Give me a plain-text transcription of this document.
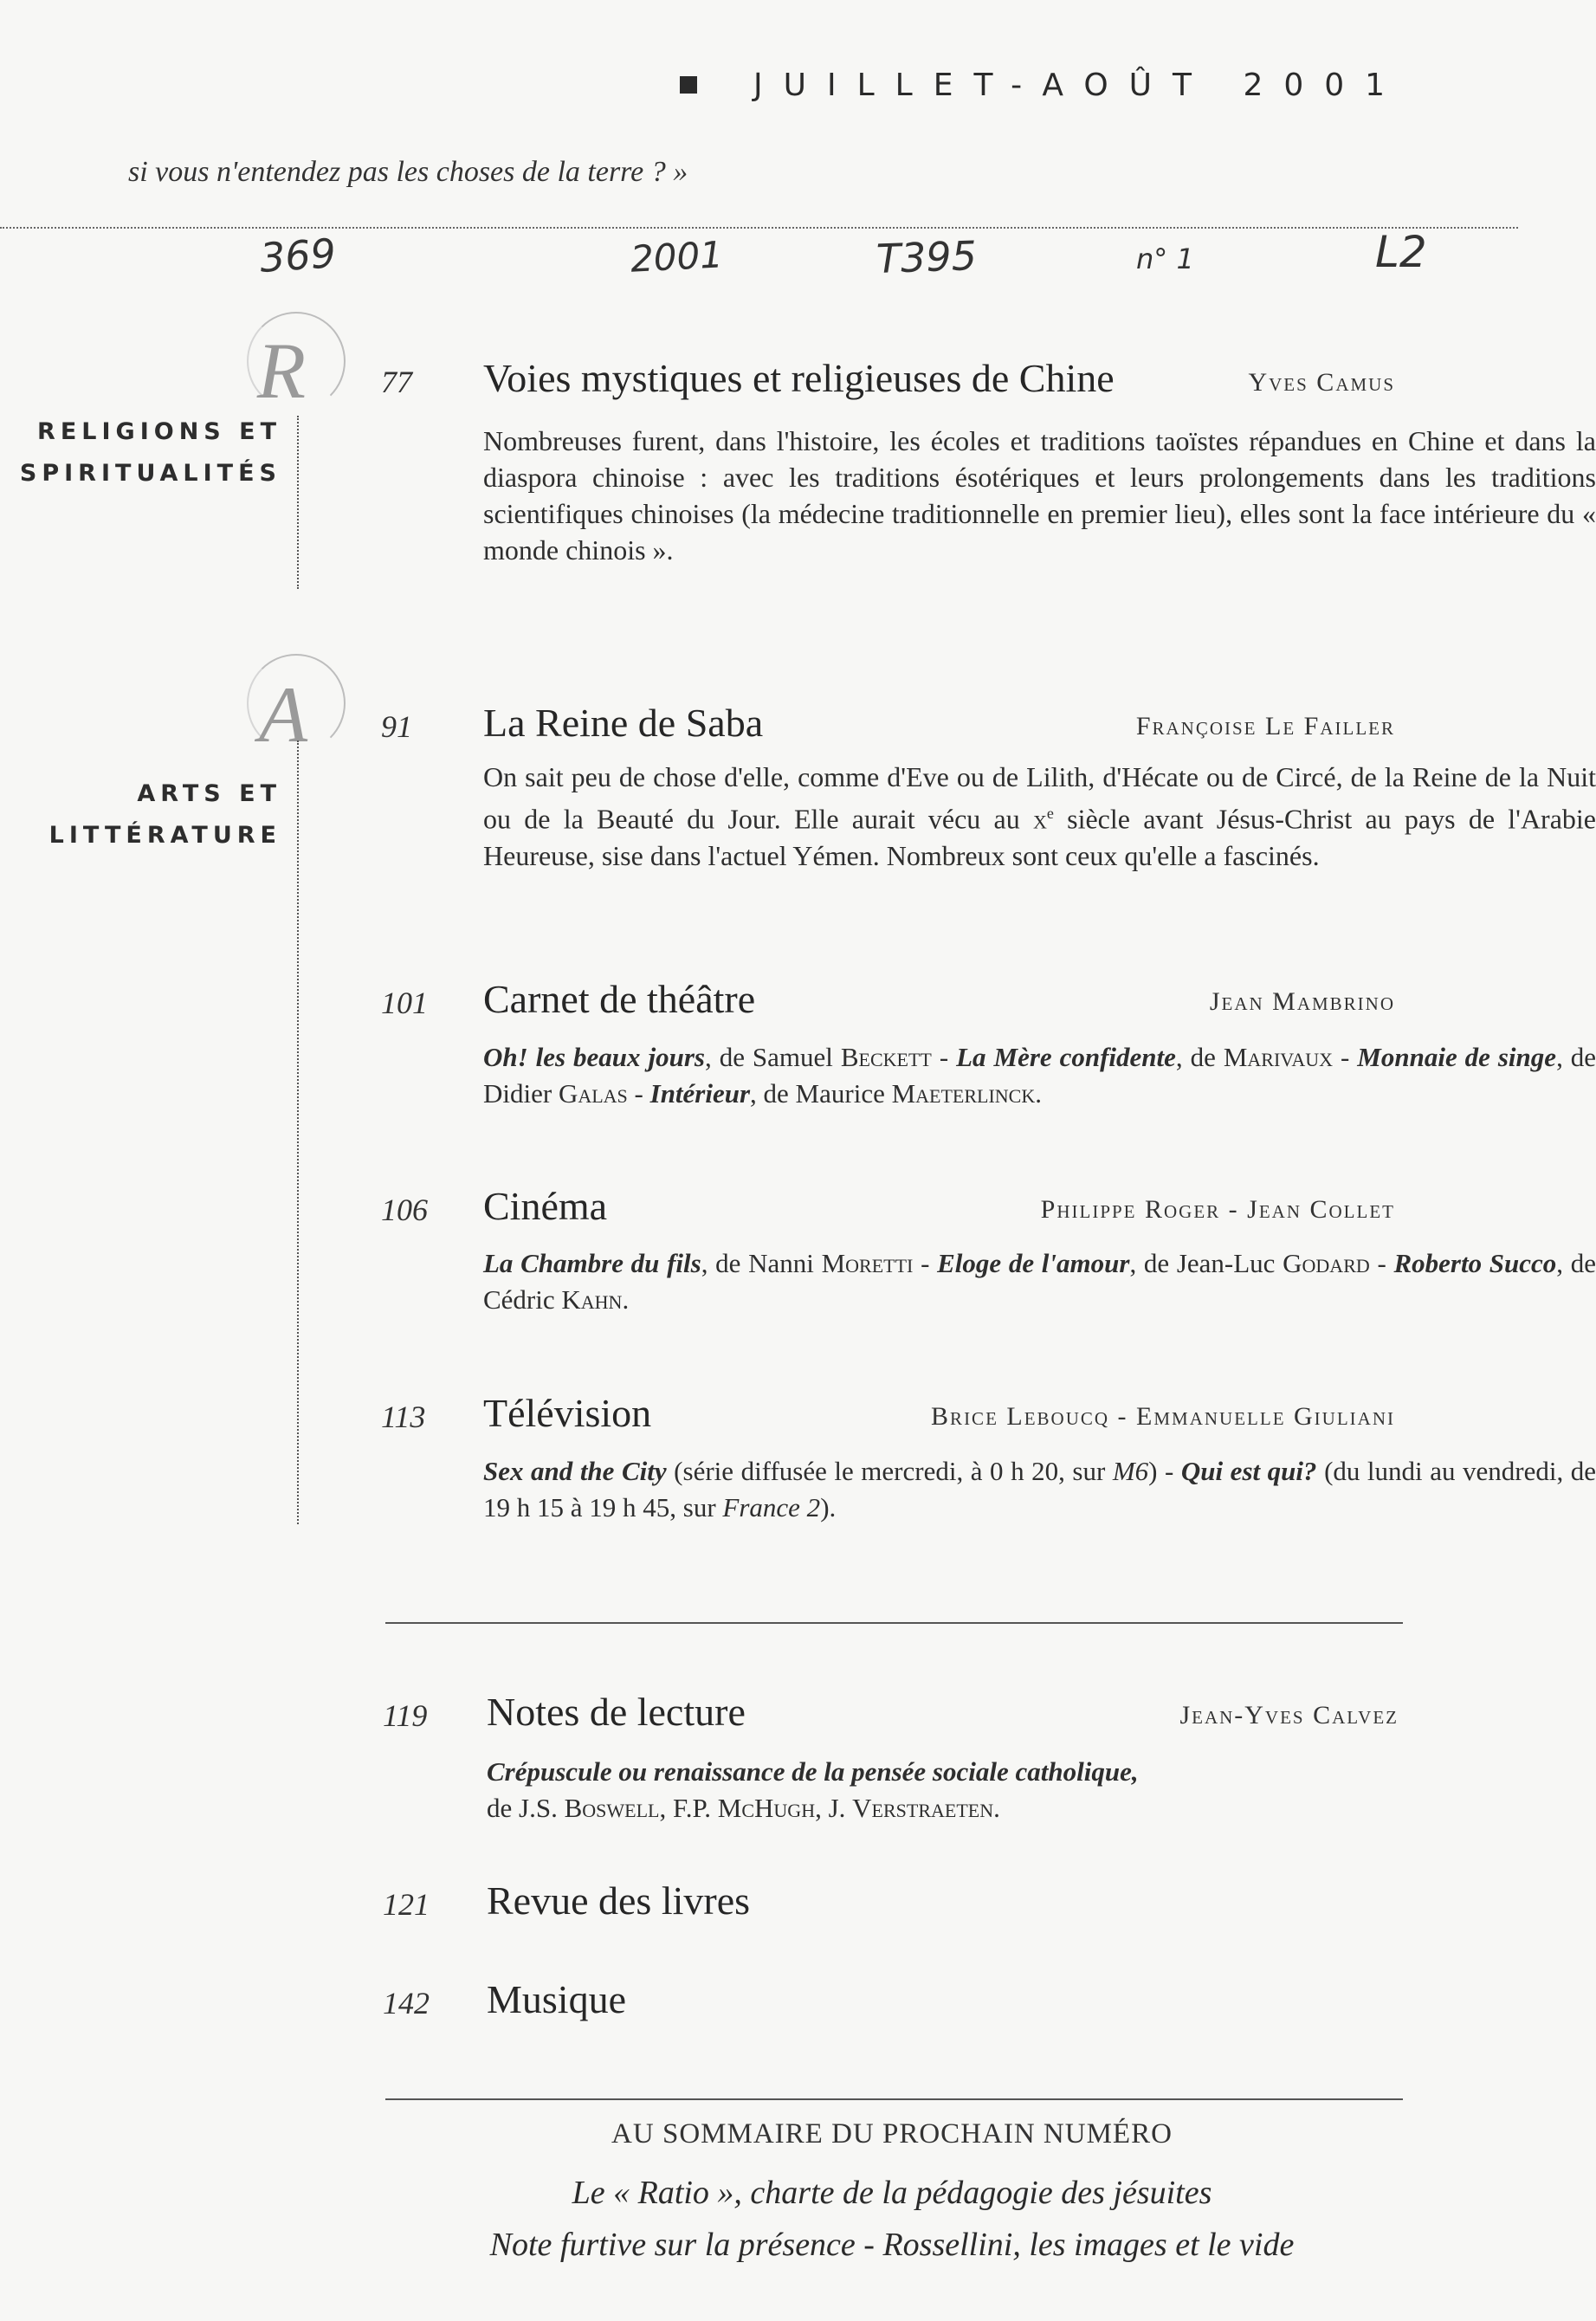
JUILLET-AOÛT 2001
si vous n'entendez pas les choses de la terre ? »
369	2001	T395	n° 1	L2
R
RELIGIONS ET
SPIRITUALITÉS
A
ARTS ET
LITTÉRATURE
77 Voies mystiques et religieuses de Chine	Yves Camus
Nombreuses furent, dans l'histoire, les écoles et traditions taoïstes répandues en Chine et dans la diaspora chinoise : avec les traditions ésotériques et leurs prolongements dans les traditions scientifiques chinoises (la médecine traditionnelle en premier lieu), elles sont la face intérieure du « monde chinois ».
91 La Reine de Saba	Françoise Le Failler
On sait peu de chose d'elle, comme d'Eve ou de Lilith, d'Hécate ou de Circé, de la Reine de la Nuit ou de la Beauté du Jour. Elle aurait vécu au $x^e$ siècle avant Jésus-Christ au pays de l'Arabie Heureuse, sise dans l'actuel Yémen. Nombreux sont ceux qu'elle a fascinés.
101 Carnet de théâtre	Jean Mambrino
Oh! les beaux jours, de Samuel Beckett - La Mère confidente, de Marivaux - Monnaie de singe, de Didier Galas - Intérieur, de Maurice Maeterlinck.
106 Cinéma	Philippe Roger - Jean Collet
La Chambre du fils, de Nanni Moretti - Eloge de l'amour, de Jean-Luc Godard - Roberto Succo, de Cédric Kahn.
113 Télévision	Brice Leboucq - Emmanuelle Giuliani
Sex and the City (série diffusée le mercredi, à 0 h 20, sur M6) - Qui est qui? (du lundi au vendredi, de 19 h 15 à 19 h 45, sur France 2).
119 Notes de lecture	Jean-Yves Calvez
Crépuscule ou renaissance de la pensée sociale catholique,
de J.S. Boswell, F.P. McHugh, J. Verstraeten.
121 Revue des livres
142 Musique
AU SOMMAIRE DU PROCHAIN NUMÉRO
Le « Ratio », charte de la pédagogie des jésuites
Note furtive sur la présence - Rossellini, les images et le vide
